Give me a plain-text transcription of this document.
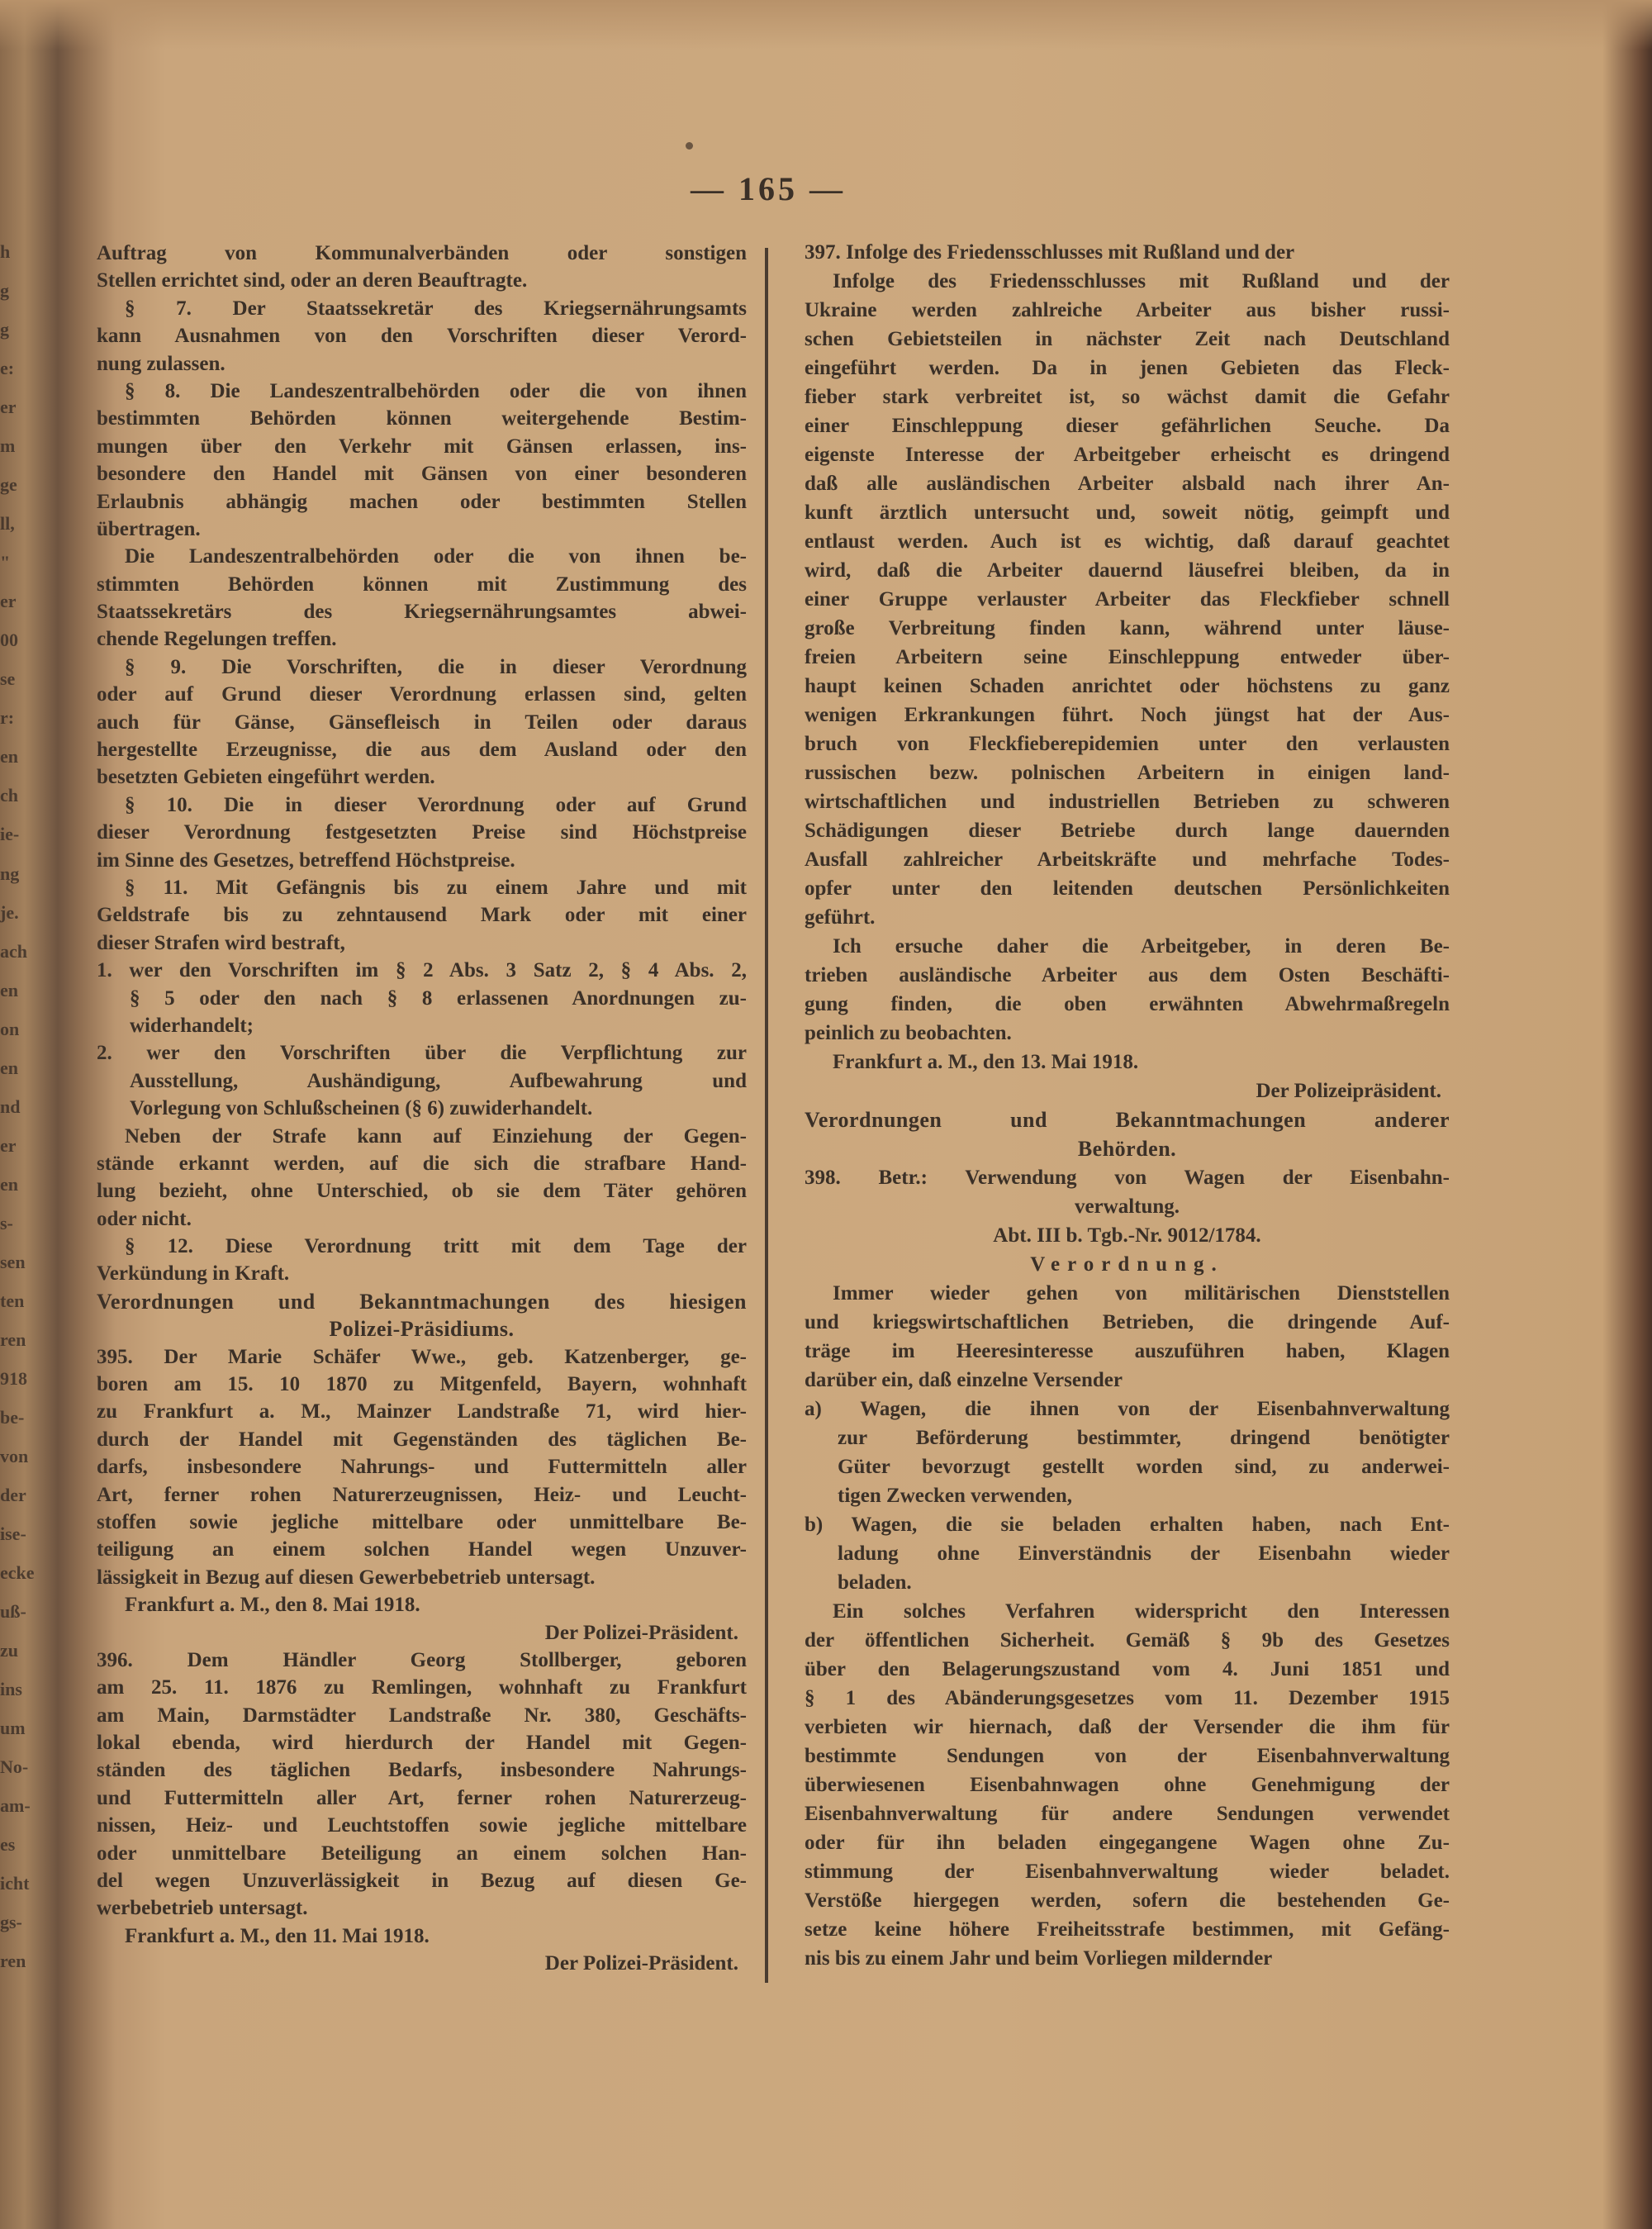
— 165 —
h
g
g
e:
er
m
ge
ll,
"
er
00
se
r:
en
ch
ie-
ng
je.
ach
en
on
en
nd
er
en
s-
sen
ten
ren
918
be-
von
der
ise-
ecke
uß-
zu
ins
um
No-
am-
es
icht
gs-
ren
Auftrag von Kommunalverbänden oder sonstigen
Stellen errichtet sind, oder an deren Beauftragte.
§ 7. Der Staatssekretär des Kriegsernährungsamts
kann Ausnahmen von den Vorschriften dieser Verord-
nung zulassen.
§ 8. Die Landeszentralbehörden oder die von ihnen
bestimmten Behörden können weitergehende Bestim-
mungen über den Verkehr mit Gänsen erlassen, ins-
besondere den Handel mit Gänsen von einer besonderen
Erlaubnis abhängig machen oder bestimmten Stellen
übertragen.
Die Landeszentralbehörden oder die von ihnen be-
stimmten Behörden können mit Zustimmung des
Staatssekretärs des Kriegsernährungsamtes abwei-
chende Regelungen treffen.
§ 9. Die Vorschriften, die in dieser Verordnung
oder auf Grund dieser Verordnung erlassen sind, gelten
auch für Gänse, Gänsefleisch in Teilen oder daraus
hergestellte Erzeugnisse, die aus dem Ausland oder den
besetzten Gebieten eingeführt werden.
§ 10. Die in dieser Verordnung oder auf Grund
dieser Verordnung festgesetzten Preise sind Höchstpreise
im Sinne des Gesetzes, betreffend Höchstpreise.
§ 11. Mit Gefängnis bis zu einem Jahre und mit
Geldstrafe bis zu zehntausend Mark oder mit einer
dieser Strafen wird bestraft,
1. wer den Vorschriften im § 2 Abs. 3 Satz 2, § 4 Abs. 2,
§ 5 oder den nach § 8 erlassenen Anordnungen zu-
widerhandelt;
2. wer den Vorschriften über die Verpflichtung zur
Ausstellung, Aushändigung, Aufbewahrung und
Vorlegung von Schlußscheinen (§ 6) zuwiderhandelt.
Neben der Strafe kann auf Einziehung der Gegen-
stände erkannt werden, auf die sich die strafbare Hand-
lung bezieht, ohne Unterschied, ob sie dem Täter gehören
oder nicht.
§ 12. Diese Verordnung tritt mit dem Tage der
Verkündung in Kraft.
Verordnungen und Bekanntmachungen des hiesigen
Polizei-Präsidiums.
395. Der Marie Schäfer Wwe., geb. Katzenberger, ge-
boren am 15. 10 1870 zu Mitgenfeld, Bayern, wohnhaft
zu Frankfurt a. M., Mainzer Landstraße 71, wird hier-
durch der Handel mit Gegenständen des täglichen Be-
darfs, insbesondere Nahrungs- und Futtermitteln aller
Art, ferner rohen Naturerzeugnissen, Heiz- und Leucht-
stoffen sowie jegliche mittelbare oder unmittelbare Be-
teiligung an einem solchen Handel wegen Unzuver-
lässigkeit in Bezug auf diesen Gewerbebetrieb untersagt.
Frankfurt a. M., den 8. Mai 1918.
Der Polizei-Präsident.
396. Dem Händler Georg Stollberger, geboren
am 25. 11. 1876 zu Remlingen, wohnhaft zu Frankfurt
am Main, Darmstädter Landstraße Nr. 380, Geschäfts-
lokal ebenda, wird hierdurch der Handel mit Gegen-
ständen des täglichen Bedarfs, insbesondere Nahrungs-
und Futtermitteln aller Art, ferner rohen Naturerzeug-
nissen, Heiz- und Leuchtstoffen sowie jegliche mittelbare
oder unmittelbare Beteiligung an einem solchen Han-
del wegen Unzuverlässigkeit in Bezug auf diesen Ge-
werbebetrieb untersagt.
Frankfurt a. M., den 11. Mai 1918.
Der Polizei-Präsident.
397. Infolge des Friedensschlusses mit Rußland und der
Infolge des Friedensschlusses mit Rußland und der
Ukraine werden zahlreiche Arbeiter aus bisher russi-
schen Gebietsteilen in nächster Zeit nach Deutschland
eingeführt werden. Da in jenen Gebieten das Fleck-
fieber stark verbreitet ist, so wächst damit die Gefahr
einer Einschleppung dieser gefährlichen Seuche. Da
eigenste Interesse der Arbeitgeber erheischt es dringend
daß alle ausländischen Arbeiter alsbald nach ihrer An-
kunft ärztlich untersucht und, soweit nötig, geimpft und
entlaust werden. Auch ist es wichtig, daß darauf geachtet
wird, daß die Arbeiter dauernd läusefrei bleiben, da in
einer Gruppe verlauster Arbeiter das Fleckfieber schnell
große Verbreitung finden kann, während unter läuse-
freien Arbeitern seine Einschleppung entweder über-
haupt keinen Schaden anrichtet oder höchstens zu ganz
wenigen Erkrankungen führt. Noch jüngst hat der Aus-
bruch von Fleckfieberepidemien unter den verlausten
russischen bezw. polnischen Arbeitern in einigen land-
wirtschaftlichen und industriellen Betrieben zu schweren
Schädigungen dieser Betriebe durch lange dauernden
Ausfall zahlreicher Arbeitskräfte und mehrfache Todes-
opfer unter den leitenden deutschen Persönlichkeiten
geführt.
Ich ersuche daher die Arbeitgeber, in deren Be-
trieben ausländische Arbeiter aus dem Osten Beschäfti-
gung finden, die oben erwähnten Abwehrmaßregeln
peinlich zu beobachten.
Frankfurt a. M., den 13. Mai 1918.
Der Polizeipräsident.
Verordnungen und Bekanntmachungen anderer
Behörden.
398. Betr.: Verwendung von Wagen der Eisenbahn-
verwaltung.
Abt. III b. Tgb.-Nr. 9012/1784.
Verordnung.
Immer wieder gehen von militärischen Dienststellen
und kriegswirtschaftlichen Betrieben, die dringende Auf-
träge im Heeresinteresse auszuführen haben, Klagen
darüber ein, daß einzelne Versender
a) Wagen, die ihnen von der Eisenbahnverwaltung
zur Beförderung bestimmter, dringend benötigter
Güter bevorzugt gestellt worden sind, zu anderwei-
tigen Zwecken verwenden,
b) Wagen, die sie beladen erhalten haben, nach Ent-
ladung ohne Einverständnis der Eisenbahn wieder
beladen.
Ein solches Verfahren widerspricht den Interessen
der öffentlichen Sicherheit. Gemäß § 9b des Gesetzes
über den Belagerungszustand vom 4. Juni 1851 und
§ 1 des Abänderungsgesetzes vom 11. Dezember 1915
verbieten wir hiernach, daß der Versender die ihm für
bestimmte Sendungen von der Eisenbahnverwaltung
überwiesenen Eisenbahnwagen ohne Genehmigung der
Eisenbahnverwaltung für andere Sendungen verwendet
oder für ihn beladen eingegangene Wagen ohne Zu-
stimmung der Eisenbahnverwaltung wieder beladet.
Verstöße hiergegen werden, sofern die bestehenden Ge-
setze keine höhere Freiheitsstrafe bestimmen, mit Gefäng-
nis bis zu einem Jahr und beim Vorliegen mildernder
